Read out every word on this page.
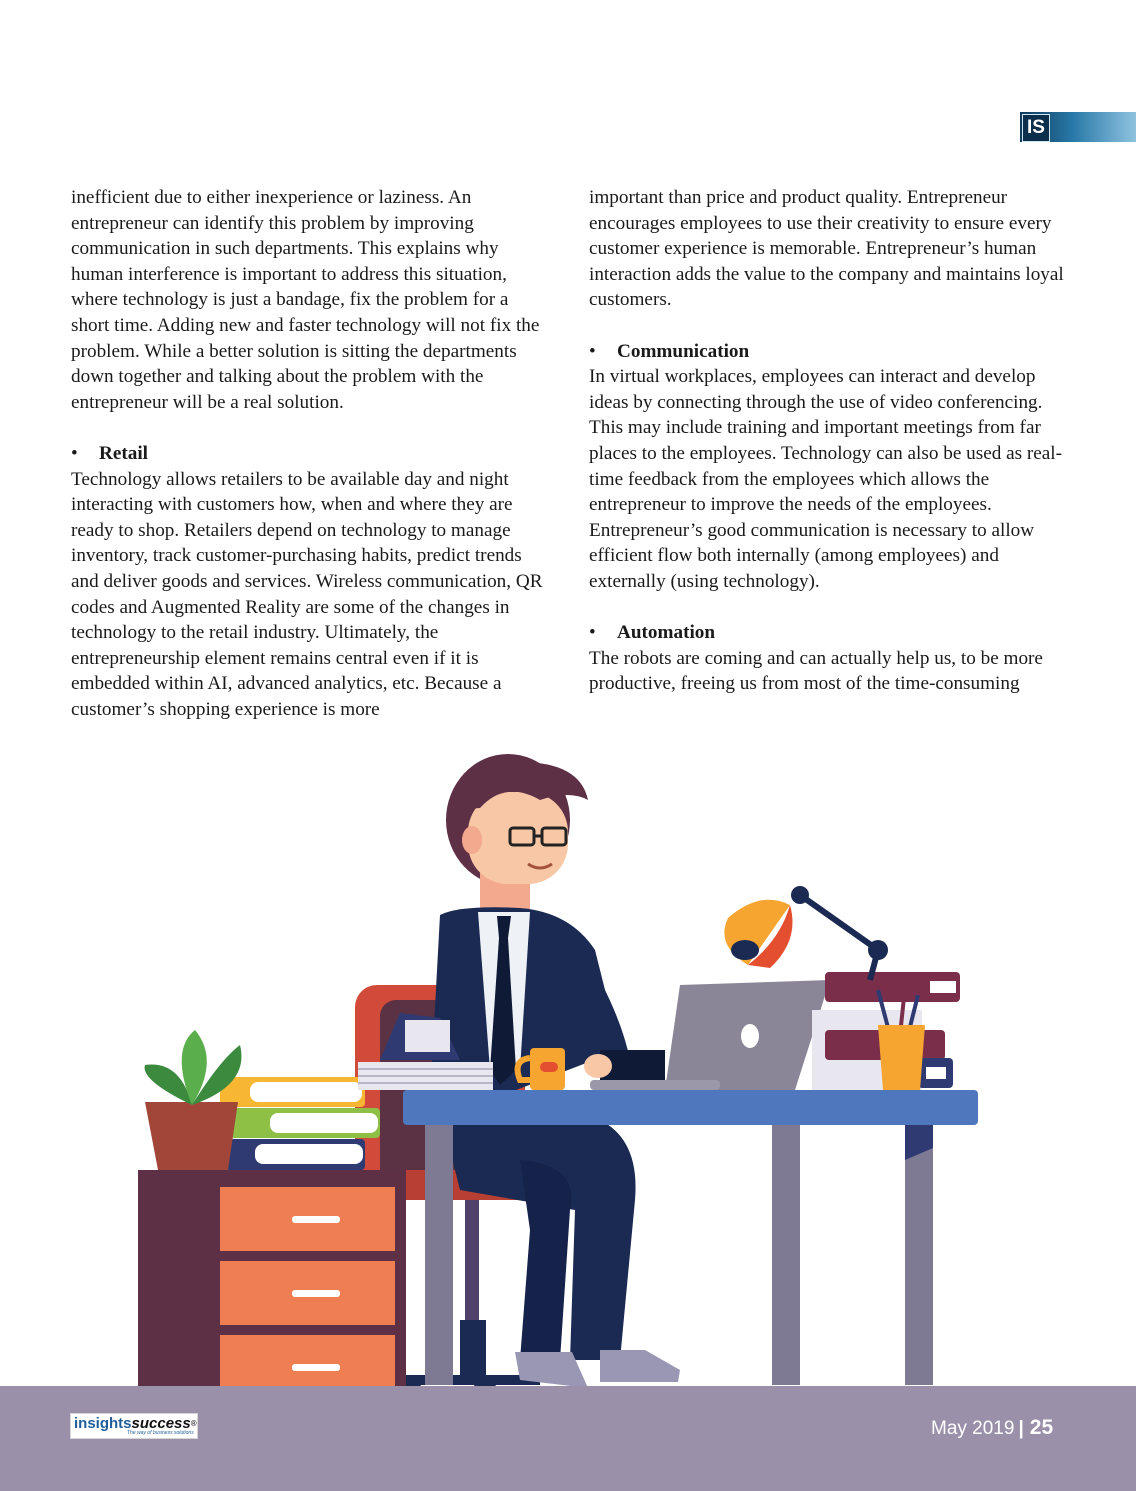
IS

inefficient due to either inexperience or laziness. An entrepreneur can identify this problem by improving communication in such departments. This explains why human interference is important to address this situation, where technology is just a bandage, fix the problem for a short time. Adding new and faster technology will not fix the problem. While a better solution is sitting the departments down together and talking about the problem with the entrepreneur will be a real solution.

• Retail

Technology allows retailers to be available day and night interacting with customers how, when and where they are ready to shop. Retailers depend on technology to manage inventory, track customer-purchasing habits, predict trends and deliver goods and services. Wireless communication, QR codes and Augmented Reality are some of the changes in technology to the retail industry. Ultimately, the entrepreneurship element remains central even if it is embedded within AI, advanced analytics, etc. Because a customer’s shopping experience is more

important than price and product quality. Entrepreneur encourages employees to use their creativity to ensure every customer experience is memorable. Entrepreneur’s human interaction adds the value to the company and maintains loyal customers.

• Communication

In virtual workplaces, employees can interact and develop ideas by connecting through the use of video conferencing. This may include training and important meetings from far places to the employees. Technology can also be used as real-time feedback from the employees which allows the entrepreneur to improve the needs of the employees. Entrepreneur’s good communication is necessary to allow efficient flow both internally (among employees) and externally (using technology).

• Automation

The robots are coming and can actually help us, to be more productive, freeing us from most of the time-consuming

insightssuccess®
The way of business solutions	May 2019 | 25
